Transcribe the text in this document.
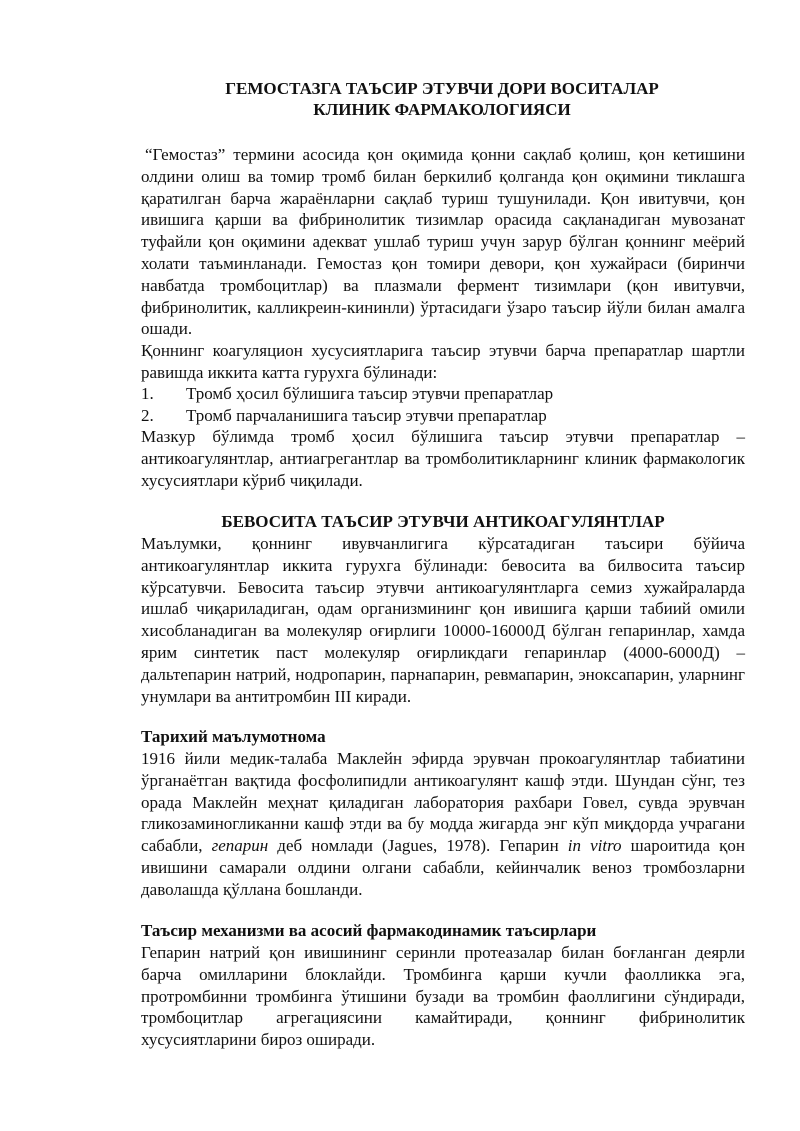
ГЕМОСТАЗГА ТАЪСИР ЭТУВЧИ ДОРИ ВОСИТАЛАР
КЛИНИК ФАРМАКОЛОГИЯСИ

“Гемостаз” термини асосида қон оқимида қонни сақлаб қолиш, қон кетишини олдини олиш ва томир тромб билан беркилиб қолганда қон оқимини тиклашга қаратилган барча жараёнларни сақлаб туриш тушунилади. Қон ивитувчи, қон ивишига қарши ва фибринолитик тизимлар орасида сақланадиган мувозанат туфайли қон оқимини адекват ушлаб туриш учун зарур бўлган қоннинг меёрий холати таъминланади. Гемостаз қон томири девори, қон хужайраси (биринчи навбатда тромбоцитлар) ва плазмали фермент тизимлари (қон ивитувчи, фибринолитик, калликреин-кининли) ўртасидаги ўзаро таъсир йўли билан амалга ошади.

Қоннинг коагуляцион хусусиятларига таъсир этувчи барча препаратлар шартли равишда иккита катта гурухга бўлинади:

1. Тромб ҳосил бўлишига таъсир этувчи препаратлар
2. Тромб парчаланишига таъсир этувчи препаратлар

Мазкур бўлимда тромб ҳосил бўлишига таъсир этувчи препаратлар – антикоагулянтлар, антиагрегантлар ва тромболитикларнинг клиник фармакологик хусусиятлари кўриб чиқилади.

БЕВОСИТА ТАЪСИР ЭТУВЧИ АНТИКОАГУЛЯНТЛАР

Маълумки, қоннинг ивувчанлигига кўрсатадиган таъсири бўйича антикоагулянтлар иккита гурухга бўлинади: бевосита ва билвосита таъсир кўрсатувчи. Бевосита таъсир этувчи антикоагулянтларга семиз хужайраларда ишлаб чиқариладиган, одам организмининг қон ивишига қарши табиий омили хисобланадиган ва молекуляр оғирлиги 10000-16000Д бўлган гепаринлар, хамда ярим синтетик паст молекуляр оғирликдаги гепаринлар (4000-6000Д) – дальтепарин натрий, нодропарин, парнапарин, ревмапарин, эноксапарин, уларнинг унумлари ва антитромбин III киради.

Тарихий маълумотнома

1916 йили медик-талаба Маклейн эфирда эрувчан прокоагулянтлар табиатини ўрганаётган вақтида фосфолипидли антикоагулянт кашф этди. Шундан сўнг, тез орада Маклейн меҳнат қиладиган лаборатория рахбари Говел, сувда эрувчан гликозаминогликанни кашф этди ва бу модда жигарда энг кўп миқдорда учрагани сабабли, гепарин деб номлади (Jagues, 1978). Гепарин in vitro шароитида қон ивишини самарали олдини олгани сабабли, кейинчалик веноз тромбозларни даволашда қўллана бошланди.

Таъсир механизми ва асосий фармакодинамик таъсирлари

Гепарин натрий қон ивишининг серинли протеазалар билан боғланган деярли барча омилларини блоклайди. Тромбинга қарши кучли фаолликка эга, протромбинни тромбинга ўтишини бузади ва тромбин фаоллигини сўндиради, тромбоцитлар агрегациясини камайтиради, қоннинг фибринолитик хусусиятларини бироз оширади.
